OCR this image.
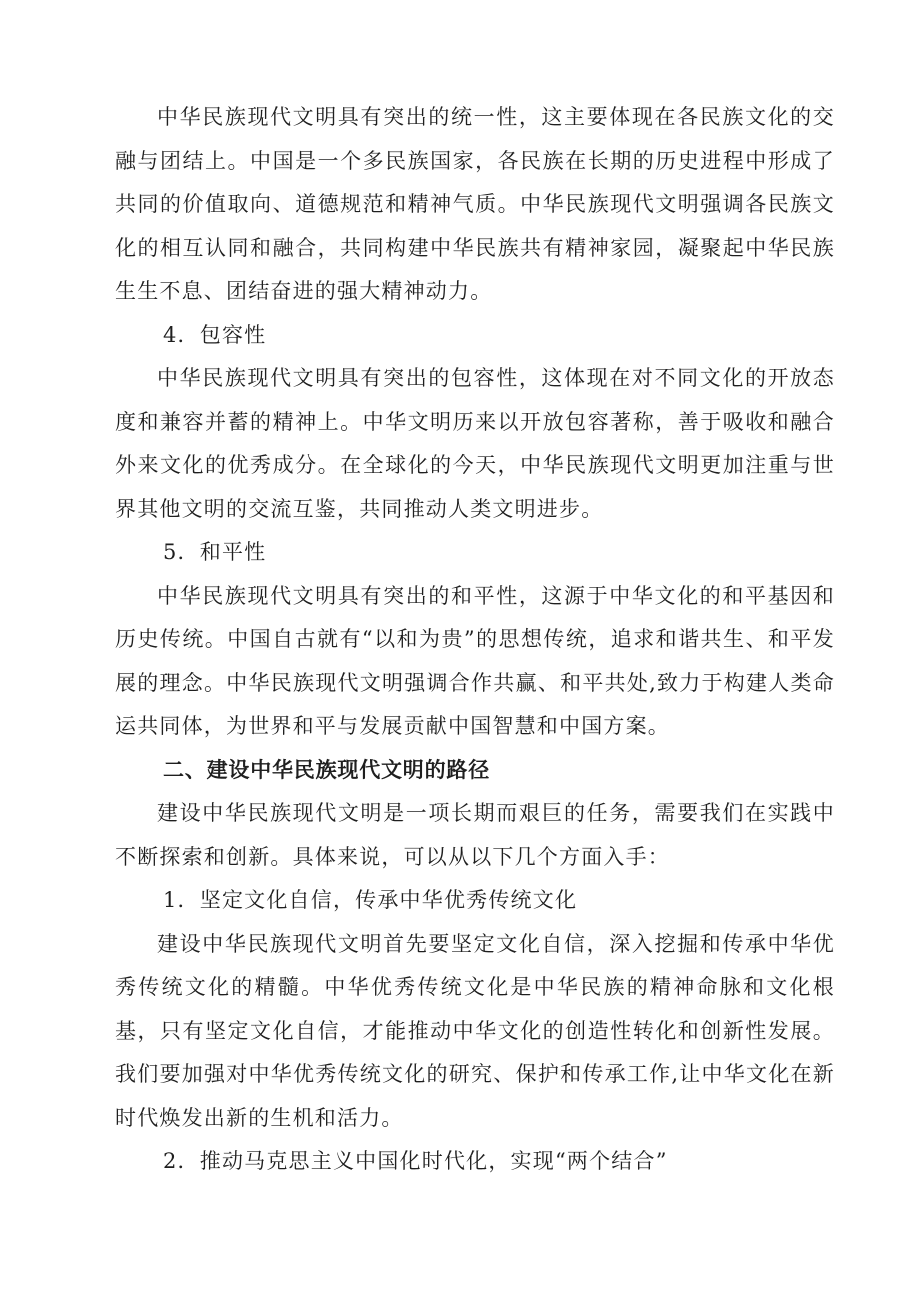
中华民族现代文明具有突出的统一性，这主要体现在各民族文化的交融与团结上。中国是一个多民族国家，各民族在长期的历史进程中形成了共同的价值取向、道德规范和精神气质。中华民族现代文明强调各民族文化的相互认同和融合，共同构建中华民族共有精神家园，凝聚起中华民族生生不息、团结奋进的强大精神动力。

4．包容性

中华民族现代文明具有突出的包容性，这体现在对不同文化的开放态度和兼容并蓄的精神上。中华文明历来以开放包容著称，善于吸收和融合外来文化的优秀成分。在全球化的今天，中华民族现代文明更加注重与世界其他文明的交流互鉴，共同推动人类文明进步。

5．和平性

中华民族现代文明具有突出的和平性，这源于中华文化的和平基因和历史传统。中国自古就有“以和为贵”的思想传统，追求和谐共生、和平发展的理念。中华民族现代文明强调合作共赢、和平共处,致力于构建人类命运共同体，为世界和平与发展贡献中国智慧和中国方案。

二、建设中华民族现代文明的路径

建设中华民族现代文明是一项长期而艰巨的任务，需要我们在实践中不断探索和创新。具体来说，可以从以下几个方面入手：

1．坚定文化自信，传承中华优秀传统文化

建设中华民族现代文明首先要坚定文化自信，深入挖掘和传承中华优秀传统文化的精髓。中华优秀传统文化是中华民族的精神命脉和文化根基，只有坚定文化自信，才能推动中华文化的创造性转化和创新性发展。我们要加强对中华优秀传统文化的研究、保护和传承工作,让中华文化在新时代焕发出新的生机和活力。

2．推动马克思主义中国化时代化，实现“两个结合”
